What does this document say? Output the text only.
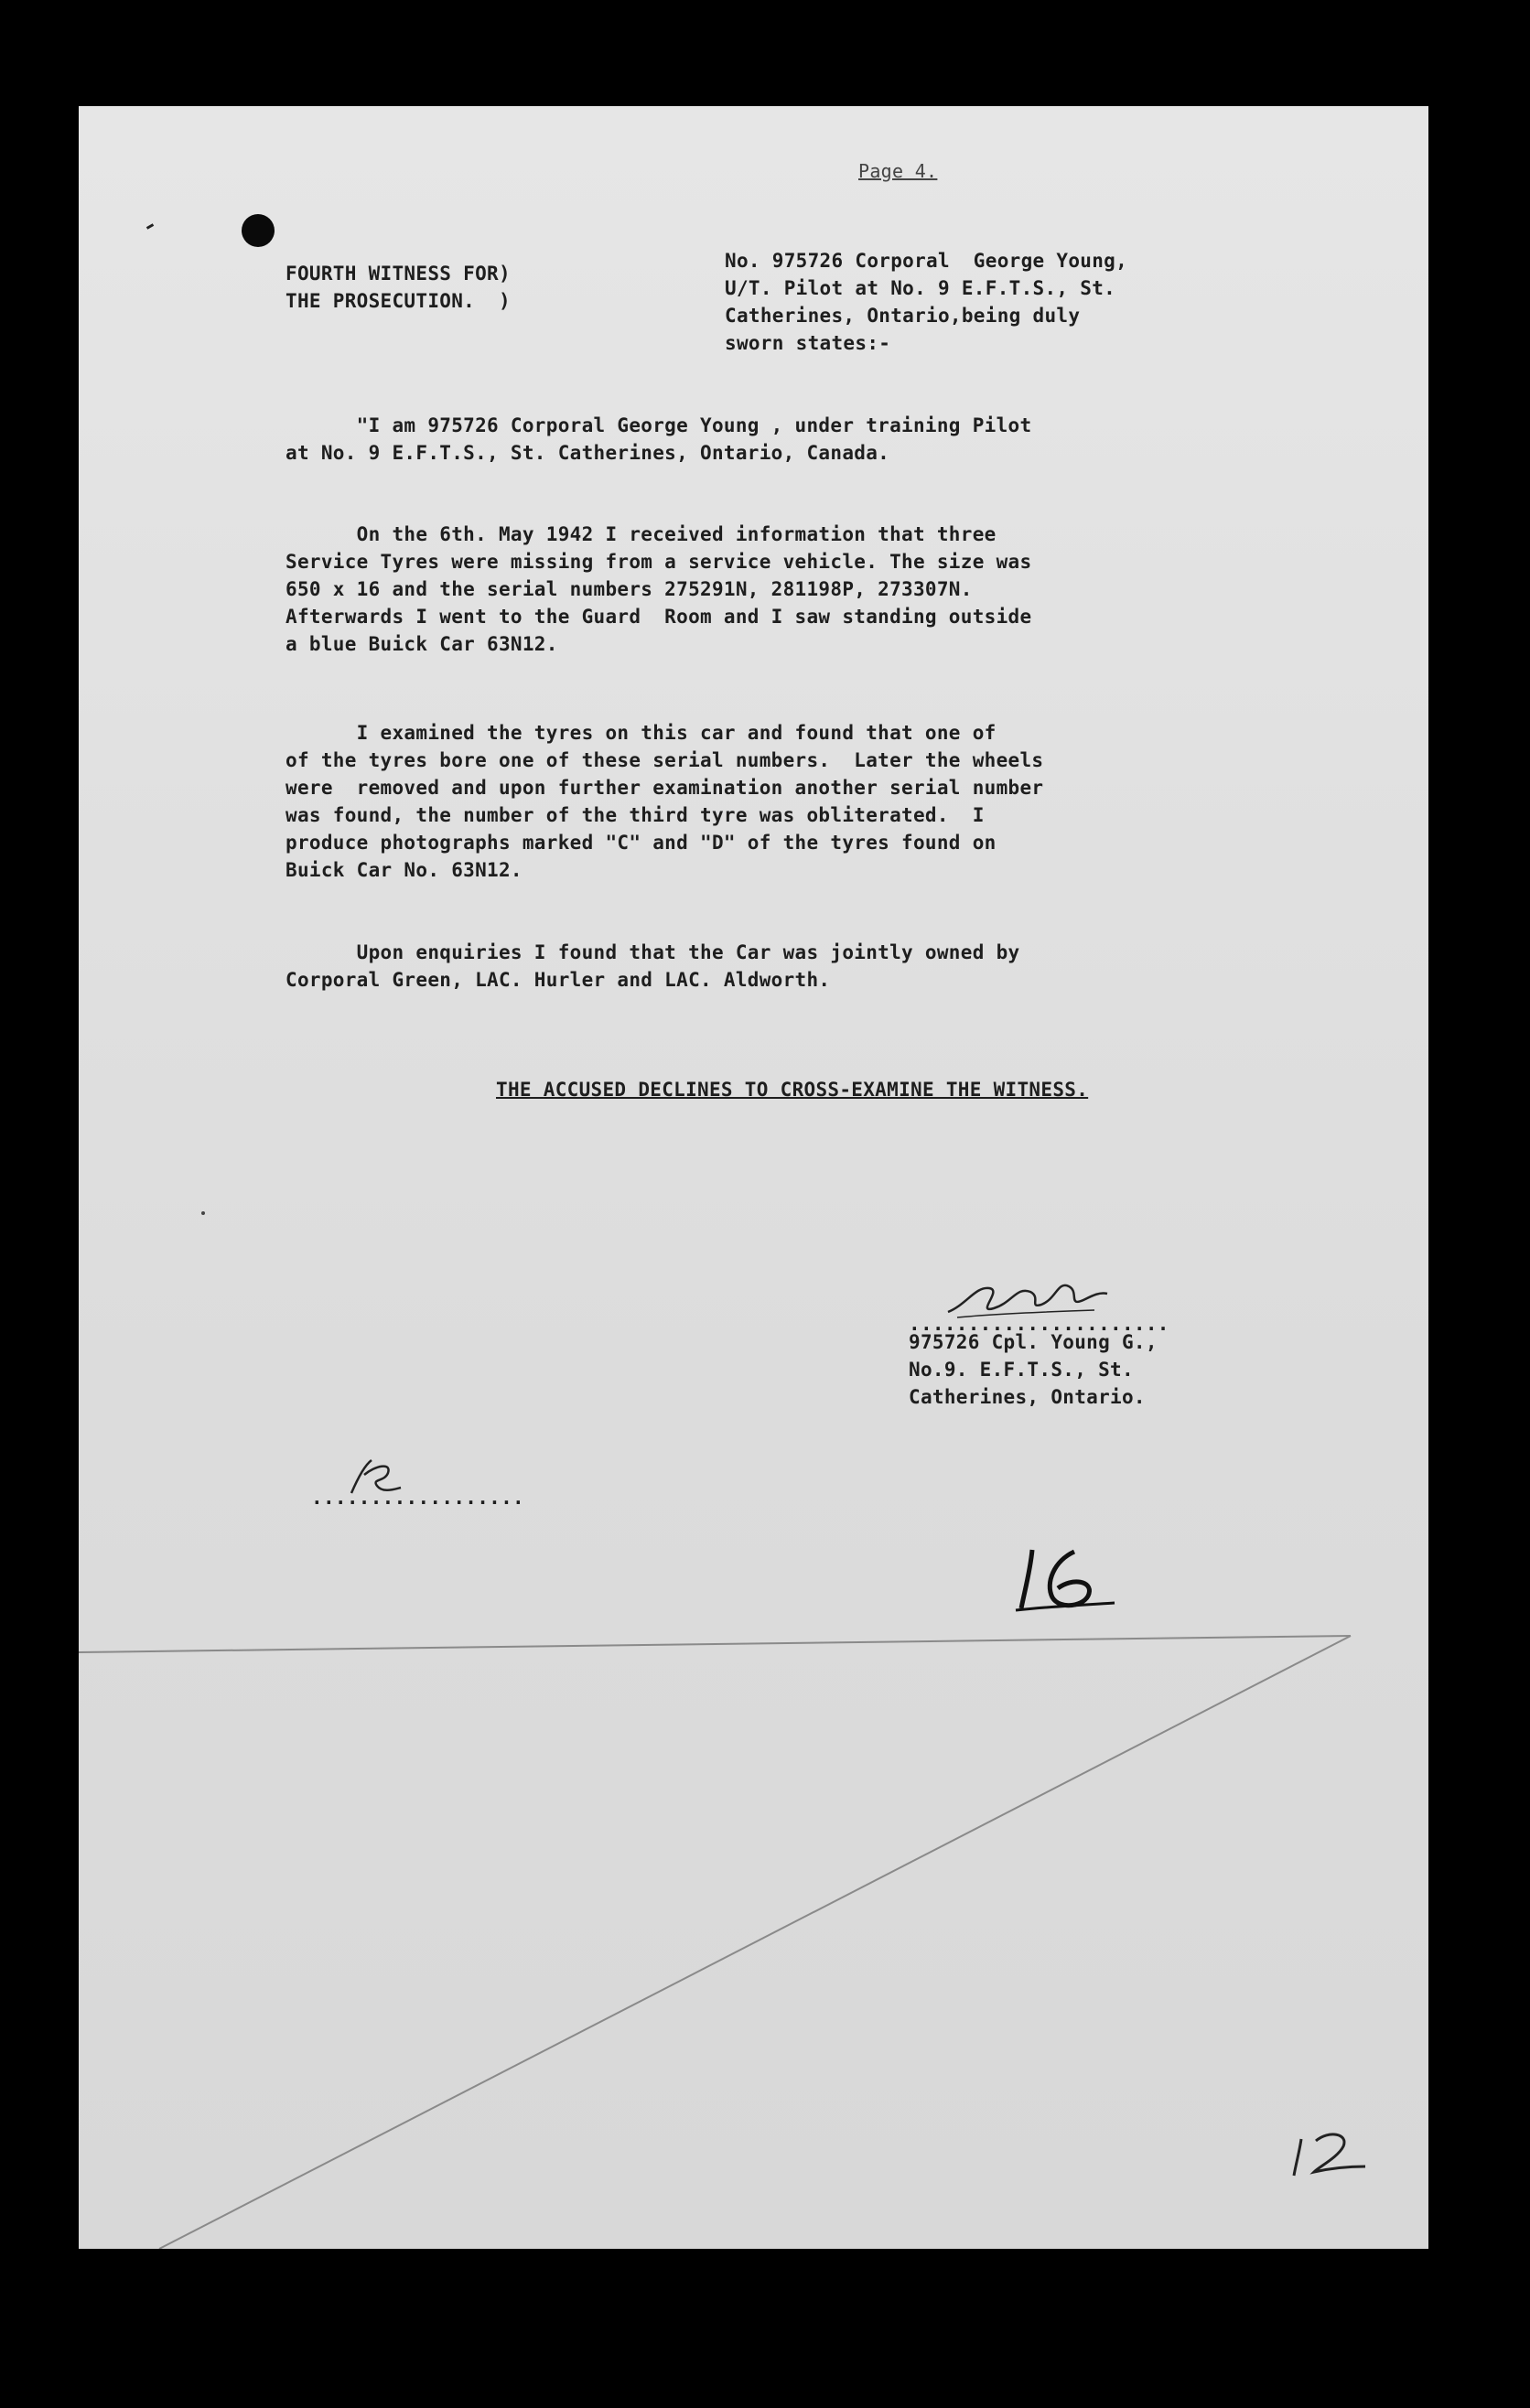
Page 4.
FOURTH WITNESS FOR)
THE PROSECUTION.  )
No. 975726 Corporal  George Young,
U/T. Pilot at No. 9 E.F.T.S., St.
Catherines, Ontario,being duly
sworn states:-
"I am 975726 Corporal George Young , under training Pilot
at No. 9 E.F.T.S., St. Catherines, Ontario, Canada.
On the 6th. May 1942 I received information that three
Service Tyres were missing from a service vehicle. The size was
650 x 16 and the serial numbers 275291N, 281198P, 273307N.
Afterwards I went to the Guard  Room and I saw standing outside
a blue Buick Car 63N12.
I examined the tyres on this car and found that one of
of the tyres bore one of these serial numbers.  Later the wheels
were  removed and upon further examination another serial number
was found, the number of the third tyre was obliterated.  I
produce photographs marked "C" and "D" of the tyres found on
Buick Car No. 63N12.
Upon enquiries I found that the Car was jointly owned by
Corporal Green, LAC. Hurler and LAC. Aldworth.
THE ACCUSED DECLINES TO CROSS-EXAMINE THE WITNESS.
......................
975726 Cpl. Young G.,
No.9. E.F.T.S., St.
Catherines, Ontario.
..................
